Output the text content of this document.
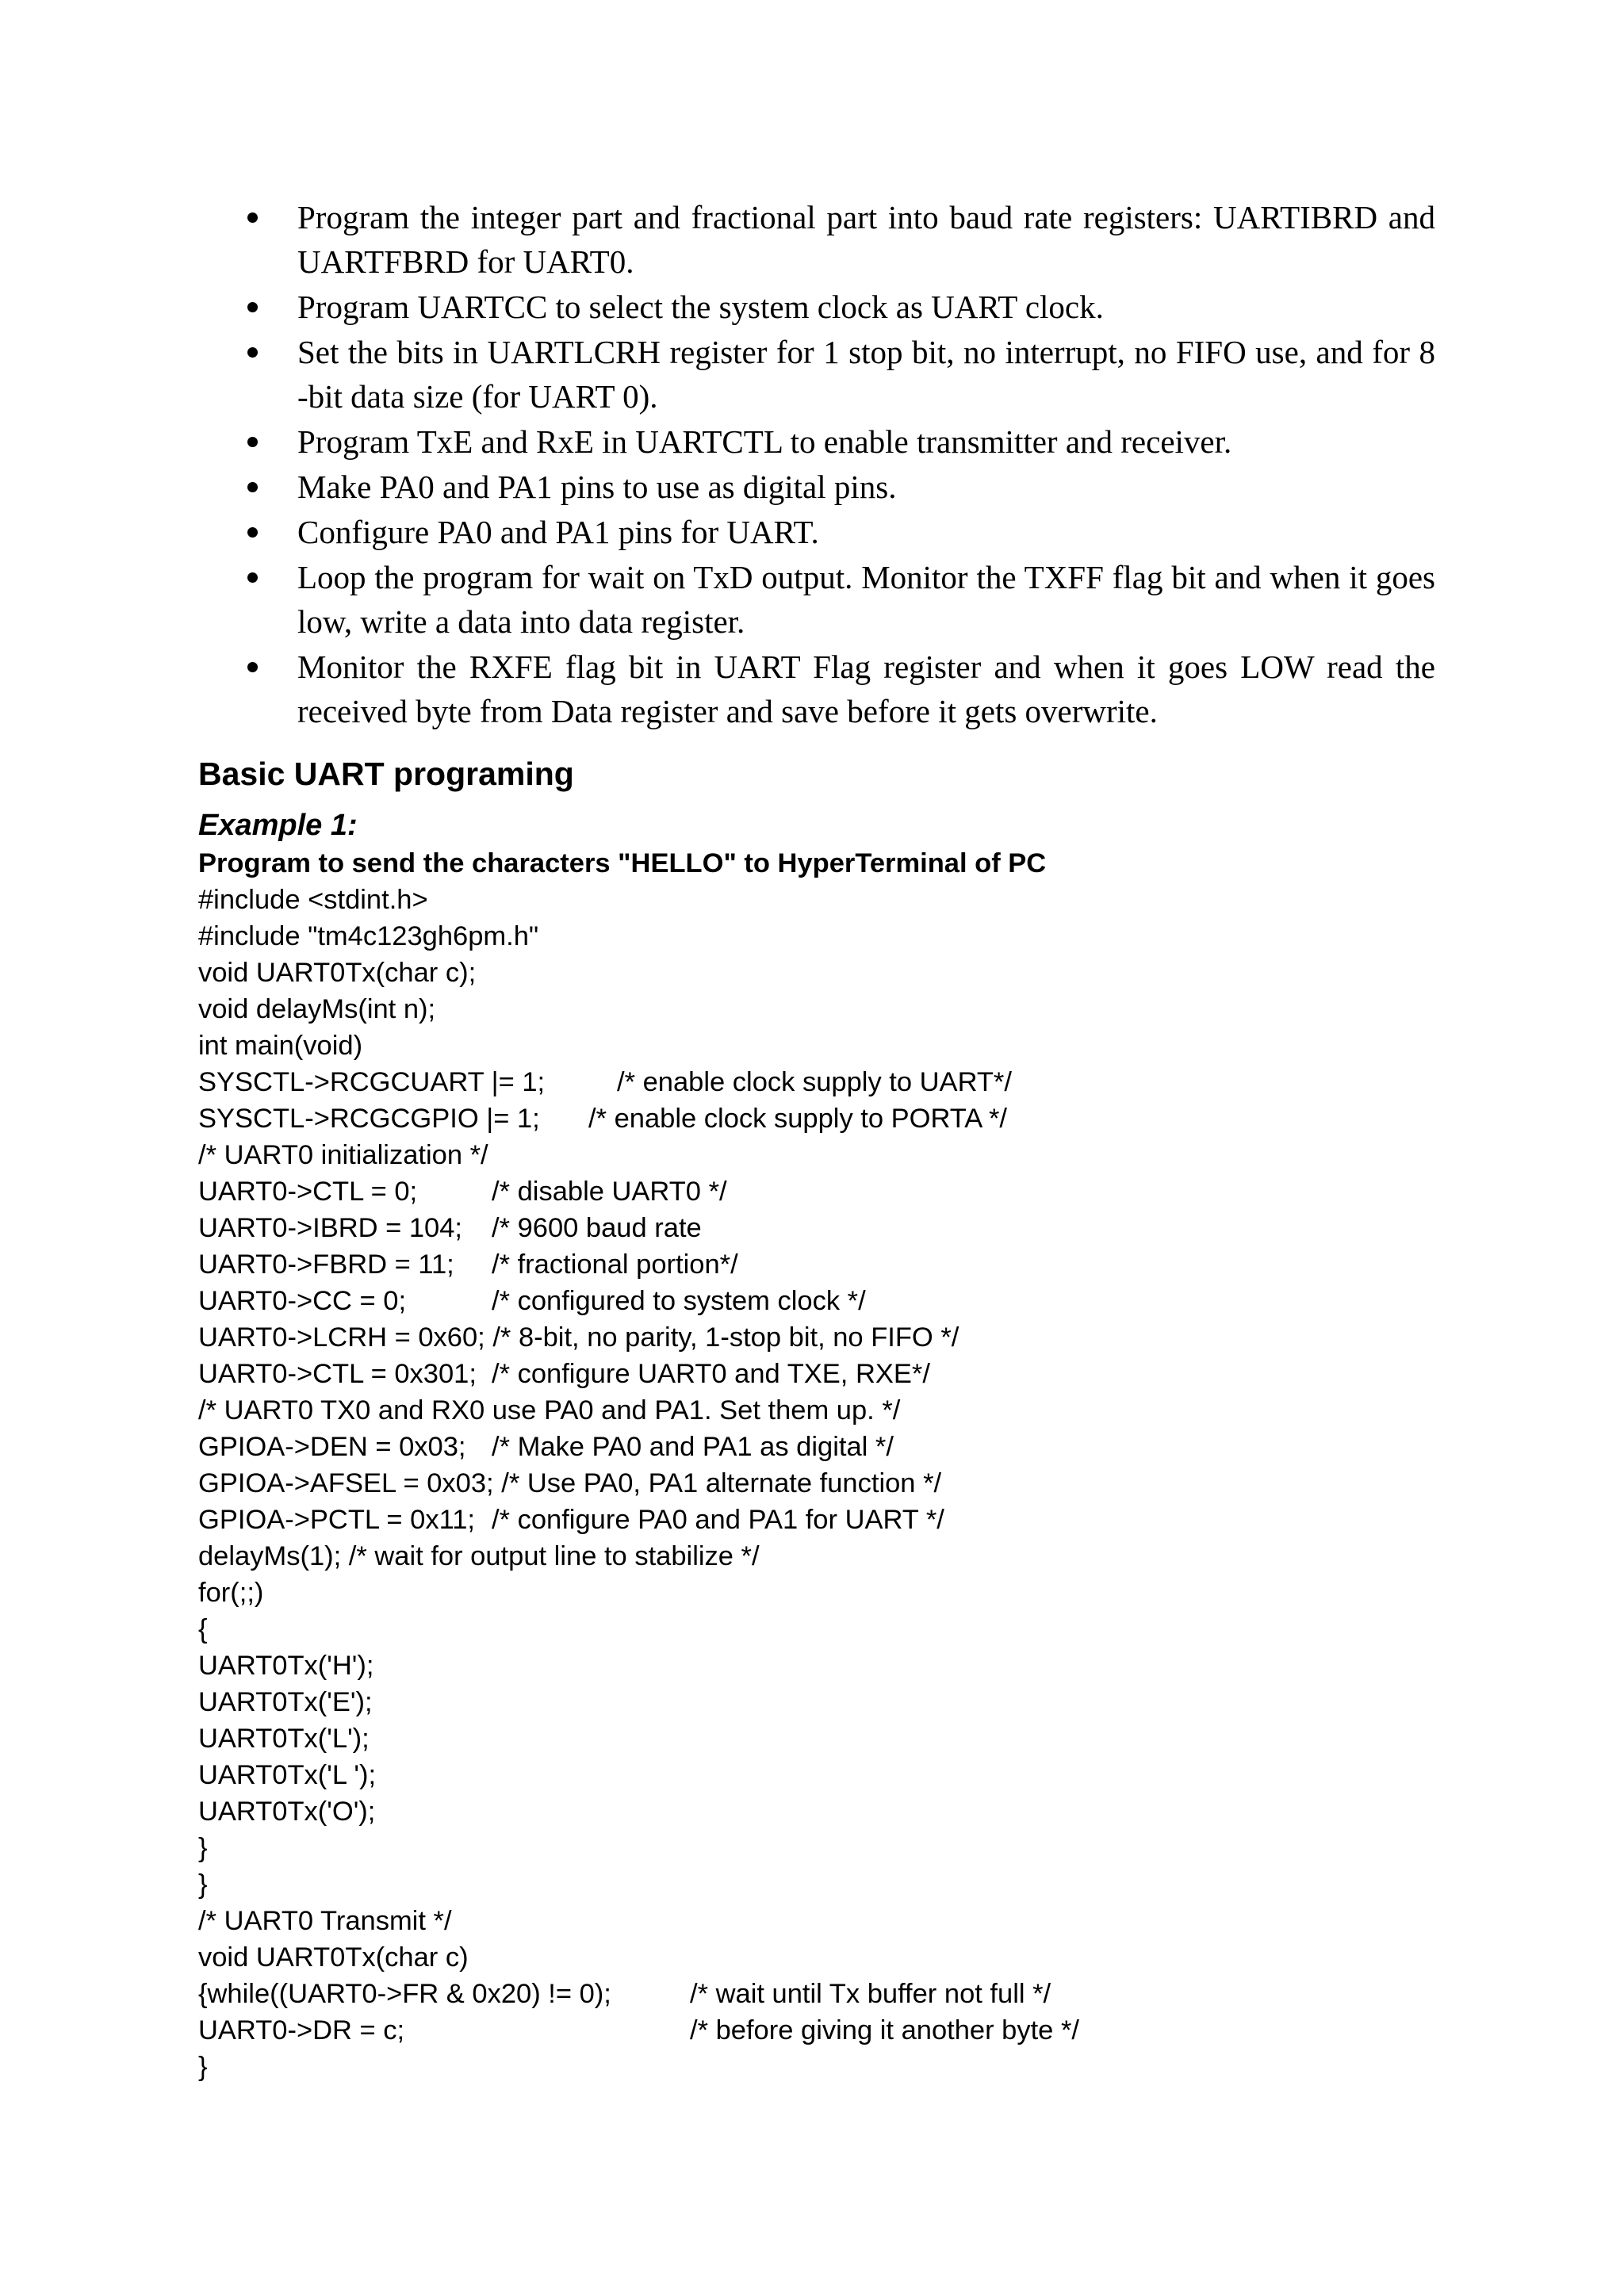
Program the integer part and fractional part into baud rate registers: UARTIBRD and UARTFBRD for UART0.
Program UARTCC to select the system clock as UART clock.
Set the bits in UARTLCRH register for 1 stop bit, no interrupt, no FIFO use, and for 8 -bit data size (for UART 0).
Program TxE and RxE in UARTCTL to enable transmitter and receiver.
Make PA0 and PA1 pins to use as digital pins.
Configure PA0 and PA1 pins for UART.
Loop the program for wait on TxD output. Monitor the TXFF flag bit and when it goes low, write a data into data register.
Monitor the RXFE flag bit in UART Flag register and when it goes LOW read the received byte from Data register and save before it gets overwrite.
Basic UART programing
Example 1:
Program to send the characters "HELLO" to HyperTerminal of PC
#include <stdint.h>
#include "tm4c123gh6pm.h"
void UART0Tx(char c);
void delayMs(int n);
int main(void)
SYSCTL->RCGCUART |= 1;	/* enable clock supply to UART*/
SYSCTL->RCGCGPIO |= 1; /* enable clock supply to PORTA */
/* UART0 initialization */
UART0->CTL = 0;	/* disable UART0 */
UART0->IBRD = 104; /* 9600 baud rate
UART0->FBRD = 11; /* fractional portion*/
UART0->CC = 0;	/* configured to system clock */
UART0->LCRH = 0x60; /* 8-bit, no parity, 1-stop bit, no FIFO */
UART0->CTL = 0x301; /* configure UART0 and TXE, RXE*/
/* UART0 TX0 and RX0 use PA0 and PA1. Set them up. */
GPIOA->DEN = 0x03; /* Make PA0 and PA1 as digital */
GPIOA->AFSEL = 0x03; /* Use PA0, PA1 alternate function */
GPIOA->PCTL = 0x11; /* configure PA0 and PA1 for UART */
delayMs(1); /* wait for output line to stabilize */
for(;;)
{
UART0Tx('H');
UART0Tx('E');
UART0Tx('L');
UART0Tx('L ');
UART0Tx('O');
}
}
/* UART0 Transmit */
void UART0Tx(char c)
{while((UART0->FR & 0x20) != 0);	/* wait until Tx buffer not full */
UART0->DR = c;	/* before giving it another byte */
}
